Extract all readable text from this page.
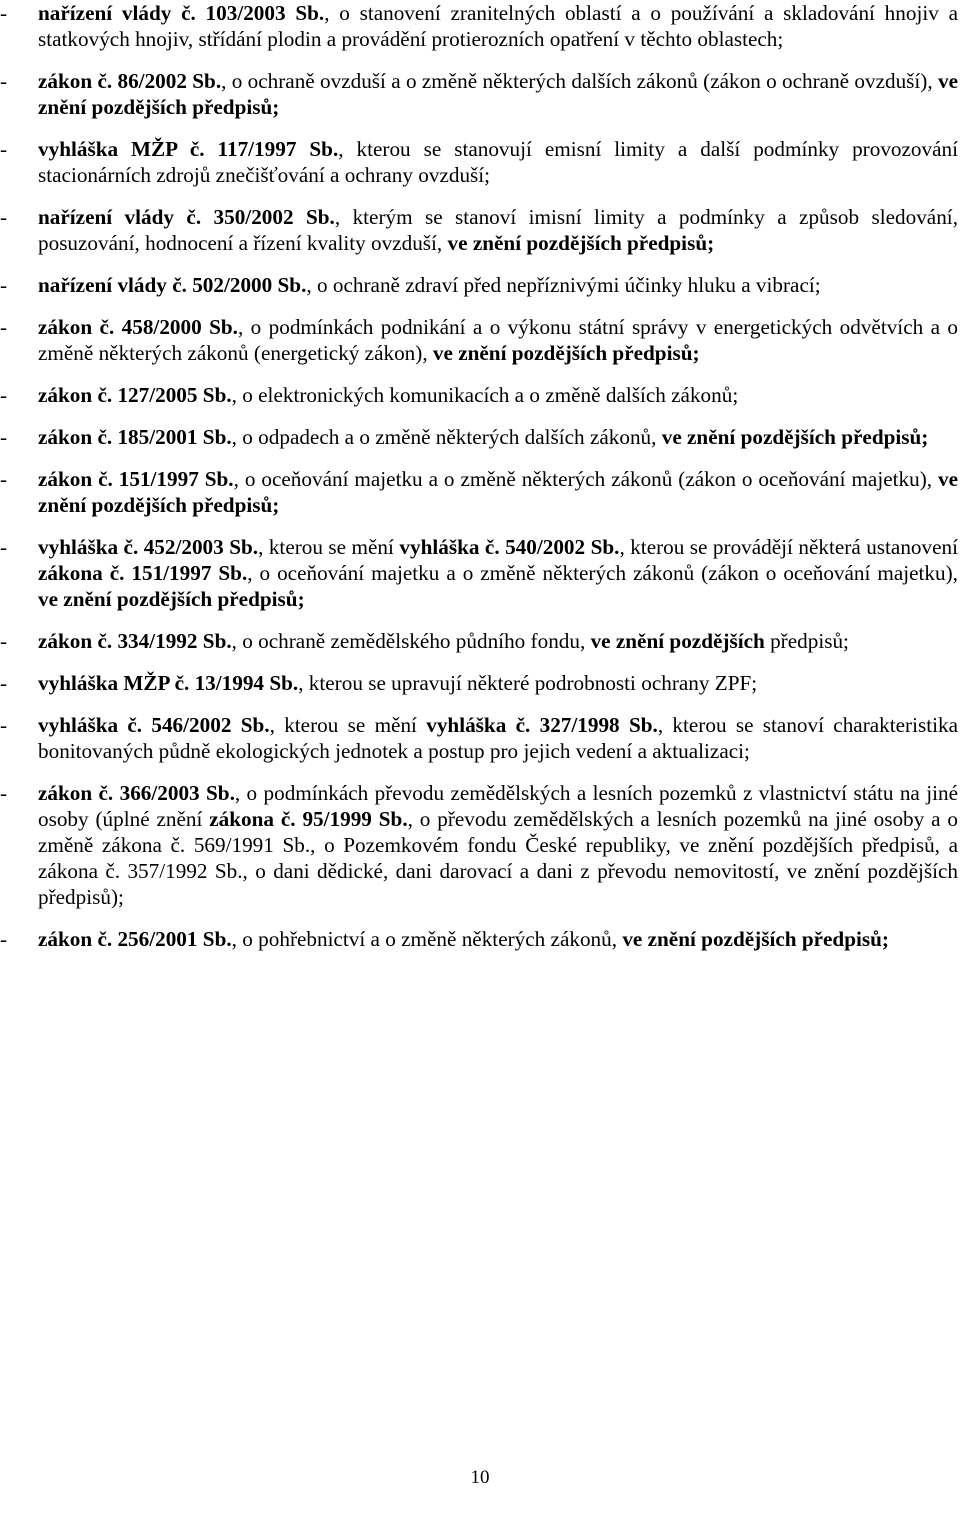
- nařízení vlády č. 103/2003 Sb., o stanovení zranitelných oblastí a o používání a skladování hnojiv a statkových hnojiv, střídání plodin a provádění protierozních opatření v těchto oblastech;
- zákon č. 86/2002 Sb., o ochraně ovzduší a o změně některých dalších zákonů (zákon o ochraně ovzduší), ve znění pozdějších předpisů;
- vyhláška MŽP č. 117/1997 Sb., kterou se stanovují emisní limity a další podmínky provozování stacionárních zdrojů znečišťování a ochrany ovzduší;
- nařízení vlády č. 350/2002 Sb., kterým se stanoví imisní limity a podmínky a způsob sledování, posuzování, hodnocení a řízení kvality ovzduší, ve znění pozdějších předpisů;
- nařízení vlády č. 502/2000 Sb., o ochraně zdraví před nepříznivými účinky hluku a vibrací;
- zákon č. 458/2000 Sb., o podmínkách podnikání a o výkonu státní správy v energetických odvětvích a o změně některých zákonů (energetický zákon), ve znění pozdějších předpisů;
- zákon č. 127/2005 Sb., o elektronických komunikacích a o změně dalších zákonů;
- zákon č. 185/2001 Sb., o odpadech a o změně některých dalších zákonů, ve znění pozdějších předpisů;
- zákon č. 151/1997 Sb., o oceňování majetku a o změně některých zákonů (zákon o oceňování majetku), ve znění pozdějších předpisů;
- vyhláška č. 452/2003 Sb., kterou se mění vyhláška č. 540/2002 Sb., kterou se provádějí některá ustanovení zákona č. 151/1997 Sb., o oceňování majetku a o změně některých zákonů (zákon o oceňování majetku), ve znění pozdějších předpisů;
- zákon č. 334/1992 Sb., o ochraně zemědělského půdního fondu, ve znění pozdějších předpisů;
- vyhláška MŽP č. 13/1994 Sb., kterou se upravují některé podrobnosti ochrany ZPF;
- vyhláška č. 546/2002 Sb., kterou se mění vyhláška č. 327/1998 Sb., kterou se stanoví charakteristika bonitovaných půdně ekologických jednotek a postup pro jejich vedení a aktualizaci;
- zákon č. 366/2003 Sb., o podmínkách převodu zemědělských a lesních pozemků z vlastnictví státu na jiné osoby (úplné znění zákona č. 95/1999 Sb., o převodu zemědělských a lesních pozemků na jiné osoby a o změně zákona č. 569/1991 Sb., o Pozemkovém fondu České republiky, ve znění pozdějších předpisů, a zákona č. 357/1992 Sb., o dani dědické, dani darovací a dani z převodu nemovitostí, ve znění pozdějších předpisů);
- zákon č. 256/2001 Sb., o pohřebnictví a o změně některých zákonů, ve znění pozdějších předpisů;
10
